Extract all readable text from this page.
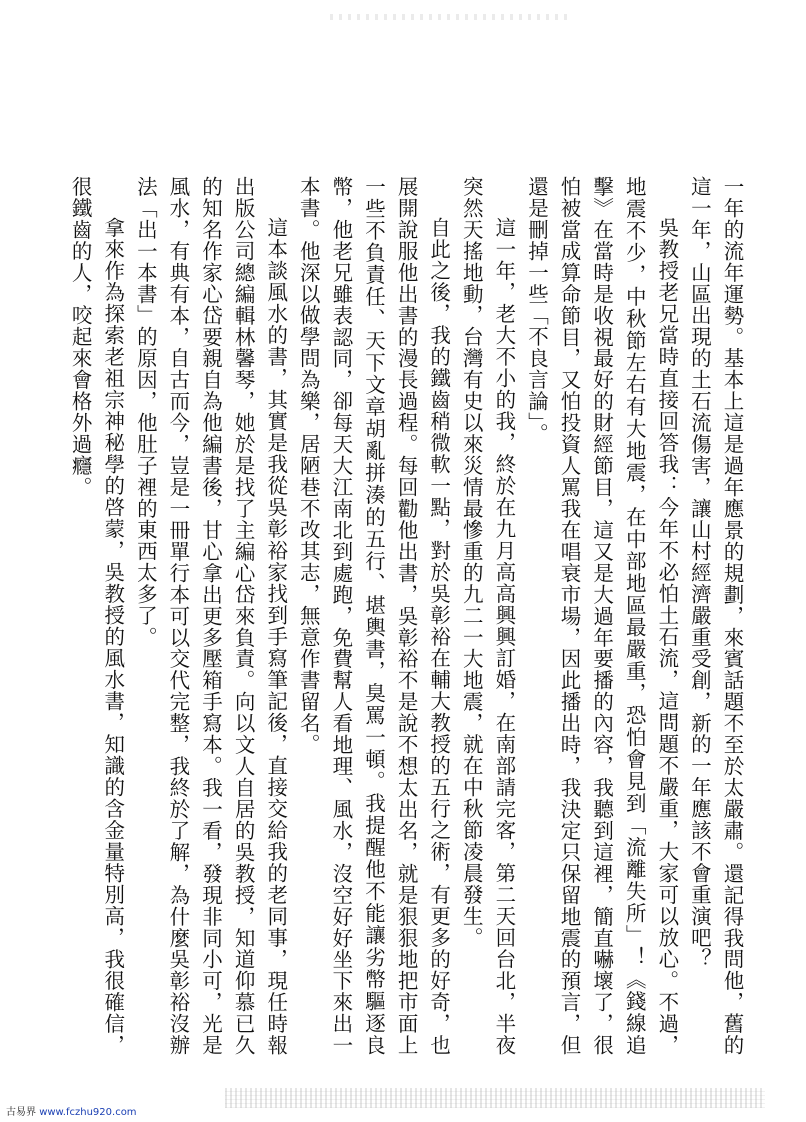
一年的流年運勢。基本上這是過年應景的規劃，來賓話題不至於太嚴肅。還記得我問他，舊的這一年，山區出現的土石流傷害，讓山村經濟嚴重受創，新的一年應該不會重演吧？

吳教授老兄當時直接回答我：今年不必怕土石流，這問題不嚴重，大家可以放心。不過，地震不少，中秋節左右有大地震，在中部地區最嚴重，恐怕會見到「流離失所」！《錢線追擊》在當時是收視最好的財經節目，這又是大過年要播的內容，我聽到這裡，簡直嚇壞了，很怕被當成算命節目，又怕投資人罵我在唱衰市場，因此播出時，我決定只保留地震的預言，但還是刪掉一些「不良言論」。

這一年，老大不小的我，終於在九月高高興興訂婚，在南部請完客，第二天回台北，半夜突然天搖地動，台灣有史以來災情最慘重的九二一大地震，就在中秋節凌晨發生。

自此之後，我的鐵齒稍微軟一點，對於吳彰裕在輔大教授的五行之術，有更多的好奇，也展開說服他出書的漫長過程。每回勸他出書，吳彰裕不是說不想太出名，就是狠狠地把市面上一些不負責任、天下文章胡亂拼湊的五行、堪輿書，臭罵一頓。我提醒他不能讓劣幣驅逐良幣，他老兄雖表認同，卻每天大江南北到處跑，免費幫人看地理、風水，沒空好好坐下來出一本書。他深以做學問為樂，居陋巷不改其志，無意作書留名。

這本談風水的書，其實是我從吳彰裕家找到手寫筆記後，直接交給我的老同事，現任時報出版公司總編輯林馨琴，她於是找了主編心岱來負責。向以文人自居的吳教授，知道仰慕已久的知名作家心岱要親自為他編書後，甘心拿出更多壓箱手寫本。我一看，發現非同小可，光是風水，有典有本，自古而今，豈是一冊單行本可以交代完整，我終於了解，為什麼吳彰裕沒辦法「出一本書」的原因，他肚子裡的東西太多了。

拿來作為探索老祖宗神秘學的啓蒙，吳教授的風水書，知識的含金量特別高，我很確信，很鐵齒的人，咬起來會格外過癮。

古易界 www.fczhu920.com
